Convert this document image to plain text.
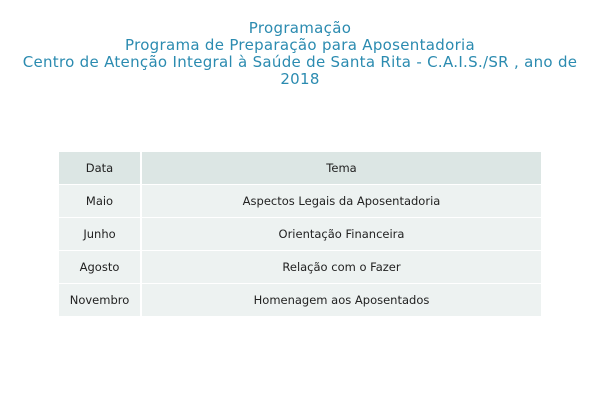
Programação
Programa de Preparação para Aposentadoria
Centro de Atenção Integral à Saúde de Santa Rita - C.A.I.S./SR , ano de
2018
Data	Tema
Maio	Aspectos Legais da Aposentadoria
Junho	Orientação Financeira
Agosto	Relação com o Fazer
Novembro	Homenagem aos Aposentados
